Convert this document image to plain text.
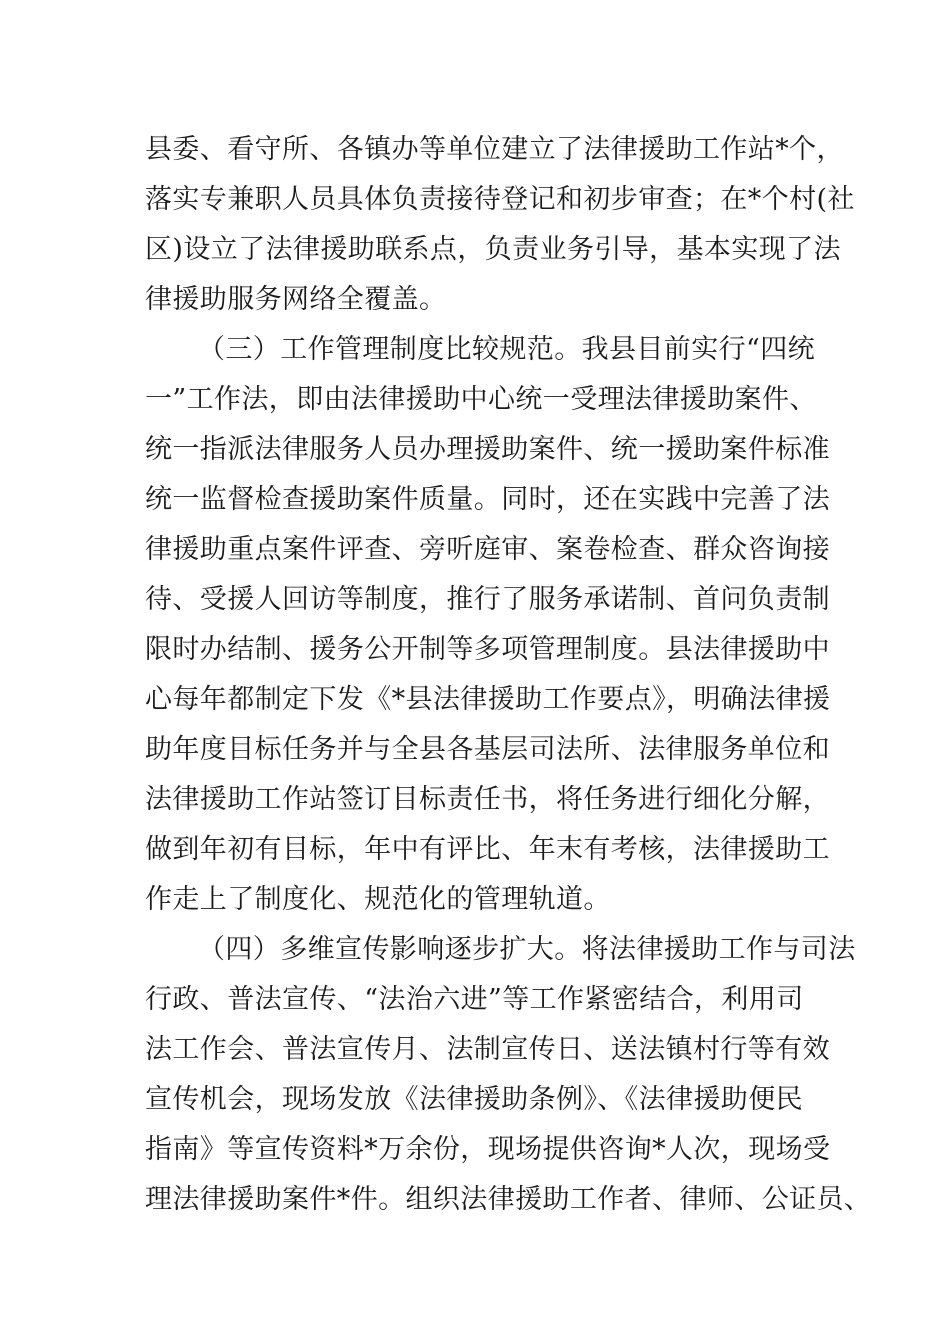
县委、看守所、各镇办等单位建立了法律援助工作站*个，
落实专兼职人员具体负责接待登记和初步审查；在*个村(社
区)设立了法律援助联系点，负责业务引导，基本实现了法
律援助服务网络全覆盖。
（三）工作管理制度比较规范。我县目前实行“四统
一”工作法，即由法律援助中心统一受理法律援助案件、
统一指派法律服务人员办理援助案件、统一援助案件标准
统一监督检查援助案件质量。同时，还在实践中完善了法
律援助重点案件评查、旁听庭审、案卷检查、群众咨询接
待、受援人回访等制度，推行了服务承诺制、首问负责制
限时办结制、援务公开制等多项管理制度。县法律援助中
心每年都制定下发《*县法律援助工作要点》，明确法律援
助年度目标任务并与全县各基层司法所、法律服务单位和
法律援助工作站签订目标责任书，将任务进行细化分解，
做到年初有目标，年中有评比、年末有考核，法律援助工
作走上了制度化、规范化的管理轨道。
（四）多维宣传影响逐步扩大。将法律援助工作与司法
行政、普法宣传、“法治六进”等工作紧密结合，利用司
法工作会、普法宣传月、法制宣传日、送法镇村行等有效
宣传机会，现场发放《法律援助条例》、《法律援助便民
指南》等宣传资料*万余份，现场提供咨询*人次，现场受
理法律援助案件*件。组织法律援助工作者、律师、公证员、
